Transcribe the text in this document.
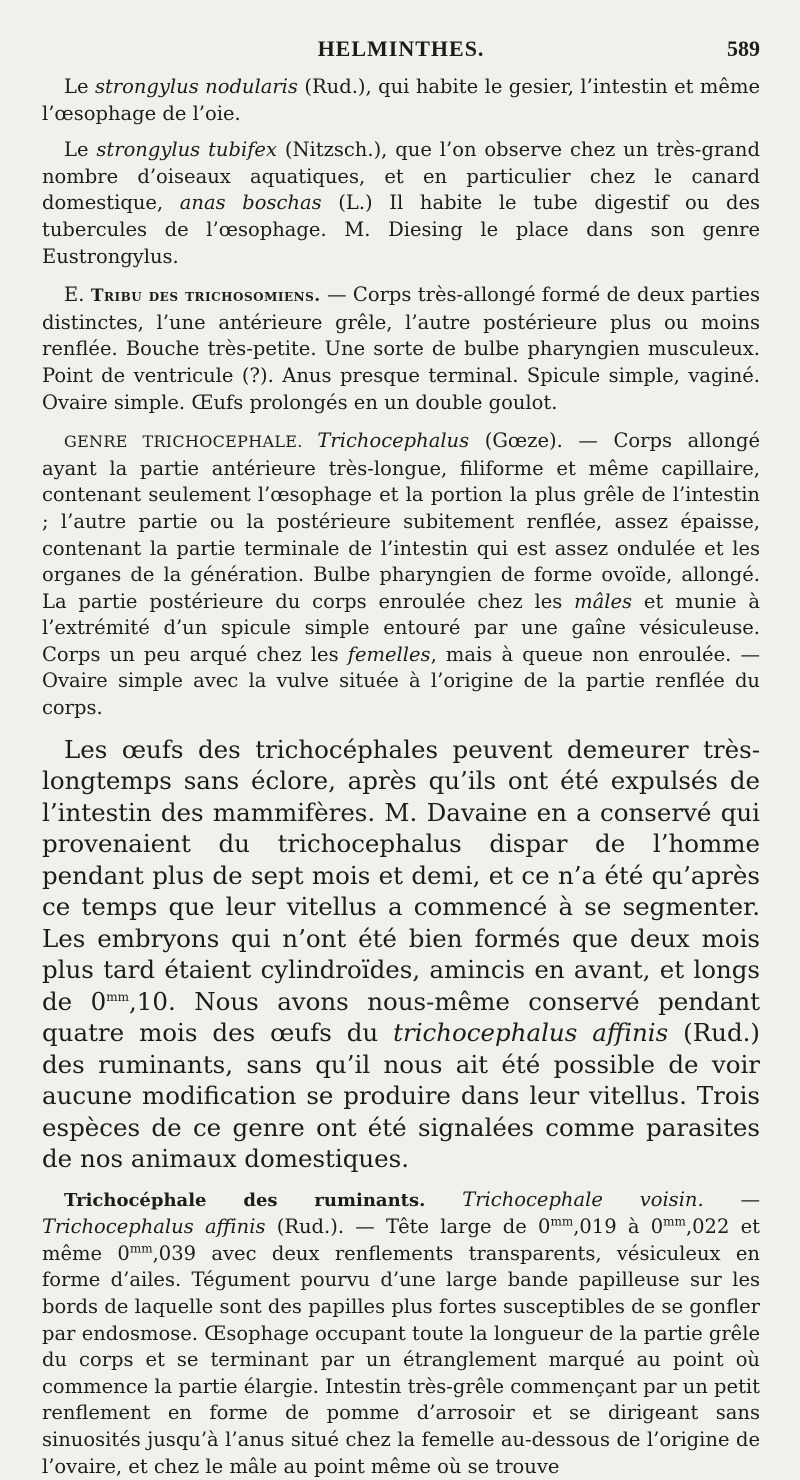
HELMINTHES.	589

Le strongylus nodularis (Rud.), qui habite le gesier, l’intestin et même l’œsophage de l’oie.

Le strongylus tubifex (Nitzsch.), que l’on observe chez un très-grand nombre d’oiseaux aquatiques, et en particulier chez le canard domestique, anas boschas (L.) Il habite le tube digestif ou des tubercules de l’œsophage. M. Diesing le place dans son genre Eustrongylus.

E. Tribu des trichosomiens. — Corps très-allongé formé de deux parties distinctes, l’une antérieure grêle, l’autre postérieure plus ou moins renflée. Bouche très-petite. Une sorte de bulbe pharyngien musculeux. Point de ventricule (?). Anus presque terminal. Spicule simple, vaginé. Ovaire simple. Œufs prolongés en un double goulot.

GENRE TRICHOCEPHALE. Trichocephalus (Gœze). — Corps allongé ayant la partie antérieure très-longue, filiforme et même capillaire, contenant seulement l’œsophage et la portion la plus grêle de l’intestin ; l’autre partie ou la postérieure subitement renflée, assez épaisse, contenant la partie terminale de l’intestin qui est assez ondulée et les organes de la génération. Bulbe pharyngien de forme ovoïde, allongé. La partie postérieure du corps enroulée chez les mâles et munie à l’extrémité d’un spicule simple entouré par une gaîne vésiculeuse. Corps un peu arqué chez les femelles, mais à queue non enroulée. — Ovaire simple avec la vulve située à l’origine de la partie renflée du corps.

Les œufs des trichocéphales peuvent demeurer très-longtemps sans éclore, après qu’ils ont été expulsés de l’intestin des mammifères. M. Davaine en a conservé qui provenaient du trichocephalus dispar de l’homme pendant plus de sept mois et demi, et ce n’a été qu’après ce temps que leur vitellus a commencé à se segmenter. Les embryons qui n’ont été bien formés que deux mois plus tard étaient cylindroïdes, amincis en avant, et longs de $0^{mm},10$. Nous avons nous-même conservé pendant quatre mois des œufs du trichocephalus affinis (Rud.) des ruminants, sans qu’il nous ait été possible de voir aucune modification se produire dans leur vitellus. Trois espèces de ce genre ont été signalées comme parasites de nos animaux domestiques.

Trichocéphale des ruminants. Trichocephale voisin. — Trichocephalus affinis (Rud.). — Tête large de $0^{mm},019$ à $0^{mm},022$ et même $0^{mm},039$ avec deux renflements transparents, vésiculeux en forme d’ailes. Tégument pourvu d’une large bande papilleuse sur les bords de laquelle sont des papilles plus fortes susceptibles de se gonfler par endosmose. Œsophage occupant toute la longueur de la partie grêle du corps et se terminant par un étranglement marqué au point où commence la partie élargie. Intestin très-grêle commençant par un petit renflement en forme de pomme d’arrosoir et se dirigeant sans sinuosités jusqu’à l’anus situé chez la femelle au-dessous de l’origine de l’ovaire, et chez le mâle au point même où se trouve
